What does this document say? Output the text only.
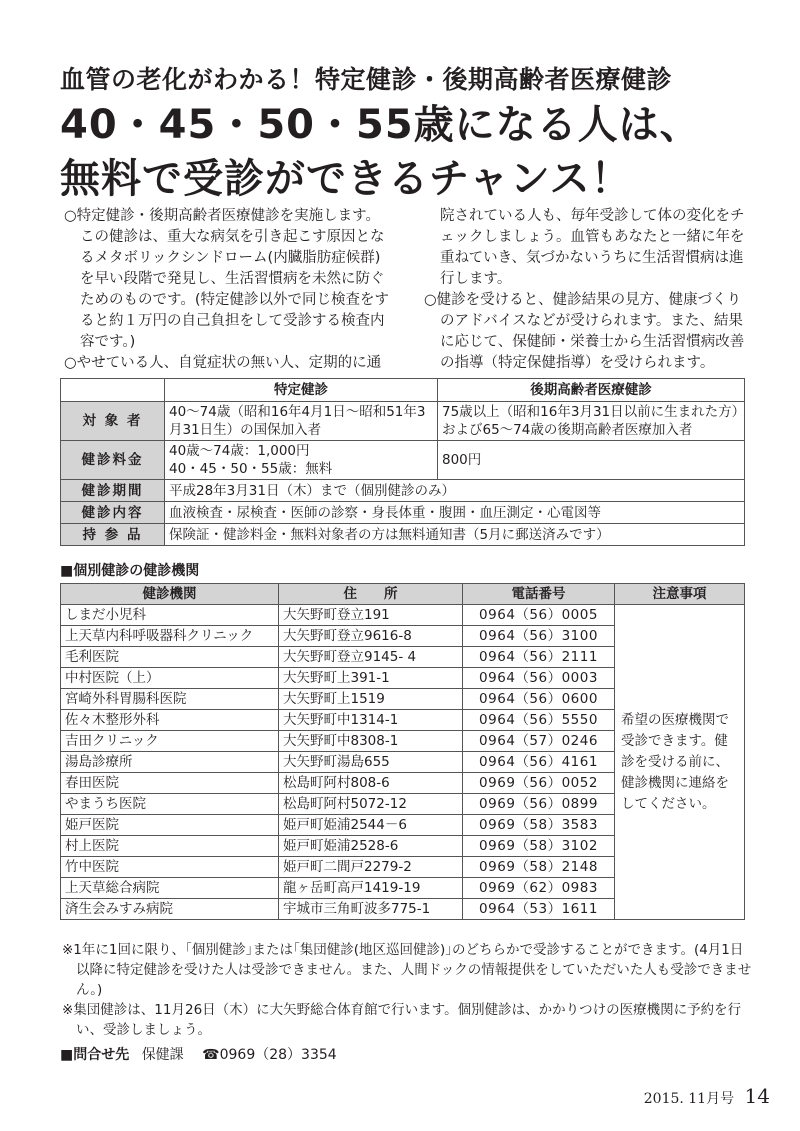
血管の老化がわかる！特定健診・後期高齢者医療健診
40・45・50・55歳になる人は、
無料で受診ができるチャンス！

○特定健診・後期高齢者医療健診を実施します。

この健診は、重大な病気を引き起こす原因となるメタボリックシンドローム(内臓脂肪症候群)を早い段階で発見し、生活習慣病を未然に防ぐためのものです。(特定健診以外で同じ検査をすると約１万円の自己負担をして受診する検査内容です。)

○やせている人、自覚症状の無い人、定期的に通

院されている人も、毎年受診して体の変化をチェックしましょう。血管もあなたと一緒に年を重ねていき、気づかないうちに生活習慣病は進行します。

○健診を受けると、健診結果の見方、健康づくりのアドバイスなどが受けられます。また、結果に応じて、保健師・栄養士から生活習慣病改善の指導（特定保健指導）を受けられます。

	特定健診	後期高齢者医療健診
対 象 者	40～74歳（昭和16年4月1日～昭和51年3月31日生）の国保加入者	75歳以上（昭和16年3月31日以前に生まれた方）および65～74歳の後期高齢者医療加入者
健診料金	40歳～74歳：1,000円
40・45・50・55歳：無料	800円
健診期間	平成28年3月31日（木）まで（個別健診のみ）	
健診内容	血液検査・尿検査・医師の診察・身長体重・腹囲・血圧測定・心電図等	
持 参 品	保険証・健診料金・無料対象者の方は無料通知書（5月に郵送済みです）	
■個別健診の健診機関
健診機関	住　　所	電話番号	注意事項
しまだ小児科	大矢野町登立191	0964（56）0005	希望の医療機関で受診できます。健診を受ける前に、健診機関に連絡をしてください。
上天草内科呼吸器科クリニック	大矢野町登立9616-8	0964（56）3100	
毛利医院	大矢野町登立9145- 4	0964（56）2111	
中村医院（上）	大矢野町上391-1	0964（56）0003	
宮崎外科胃腸科医院	大矢野町上1519	0964（56）0600	
佐々木整形外科	大矢野町中1314-1	0964（56）5550	
吉田クリニック	大矢野町中8308-1	0964（57）0246	
湯島診療所	大矢野町湯島655	0964（56）4161	
春田医院	松島町阿村808-6	0969（56）0052	
やまうち医院	松島町阿村5072-12	0969（56）0899	
姫戸医院	姫戸町姫浦2544－6	0969（58）3583	
村上医院	姫戸町姫浦2528-6	0969（58）3102	
竹中医院	姫戸町二間戸2279-2	0969（58）2148	
上天草総合病院	龍ヶ岳町高戸1419-19	0969（62）0983	
済生会みすみ病院	宇城市三角町波多775-1	0964（53）1611	

※1年に1回に限り、｢個別健診｣または｢集団健診(地区巡回健診)｣のどちらかで受診することができます。(4月1日以降に特定健診を受けた人は受診できません。また、人間ドックの情報提供をしていただいた人も受診できません。)

※集団健診は、11月26日（木）に大矢野総合体育館で行います。個別健診は、かかりつけの医療機関に予約を行い、受診しましょう。

■問合せ先 保健課 ☎0969（28）3354
2015. 11月号 14
